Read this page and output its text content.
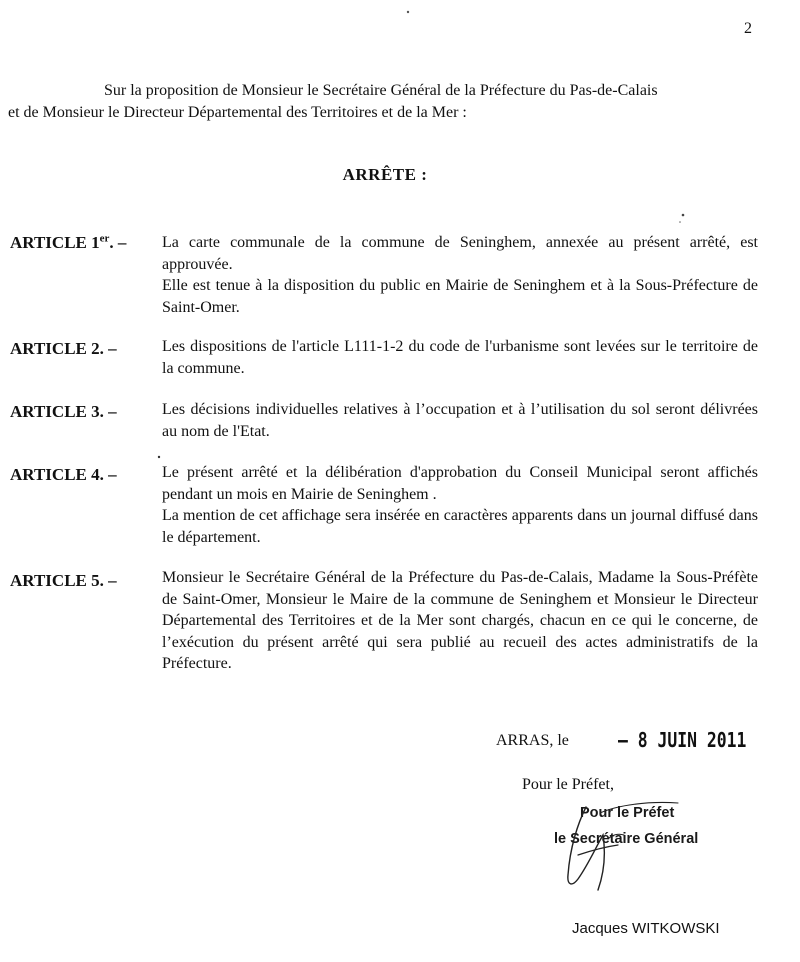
2

Sur la proposition de Monsieur le Secrétaire Général de la Préfecture du Pas-de-Calais

et de Monsieur le Directeur Départemental des Territoires et de la Mer :

ARRÊTE :
ARTICLE 1er. – La carte communale de la commune de Seninghem, annexée au présent arrêté, est approuvée.

Elle est tenue à la disposition du public en Mairie de Seninghem et à la Sous-Préfecture de Saint-Omer.

ARTICLE 2. –	Les dispositions de l'article L111-1-2 du code de l'urbanisme sont levées sur le territoire de la commune.

ARTICLE 3. –	Les décisions individuelles relatives à l’occupation et à l’utilisation du sol seront délivrées au nom de l'Etat.

ARTICLE 4. –	Le présent arrêté et la délibération d'approbation du Conseil Municipal seront affichés pendant un mois en Mairie de Seninghem .

La mention de cet affichage sera insérée en caractères apparents dans un journal diffusé dans le département.

ARTICLE 5. –	Monsieur le Secrétaire Général de la Préfecture du Pas-de-Calais, Madame la Sous-Préfète de Saint-Omer, Monsieur le Maire de la commune de Seninghem et Monsieur le Directeur Départemental des Territoires et de la Mer sont chargés, chacun en ce qui le concerne, de l’exécution du présent arrêté qui sera publié au recueil des actes administratifs de la Préfecture.

ARRAS, le – 8 JUIN 2011
Pour le Préfet,
Pour le Préfet
le Secrétaire Général
Jacques WITKOWSKI
